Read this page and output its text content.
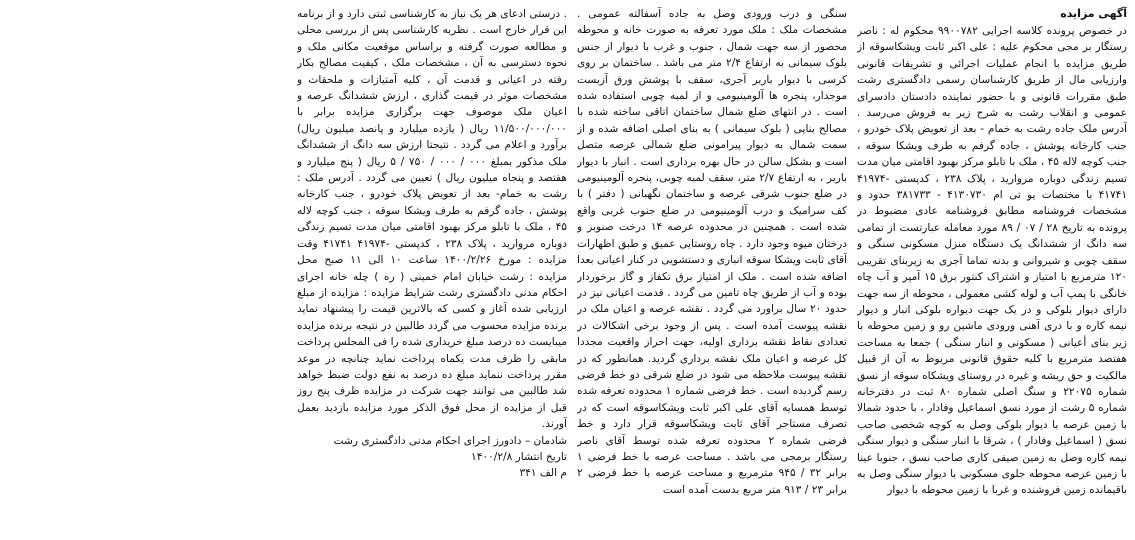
آگهی مزایده

در خصوص پرونده کلاسه اجرایی ۹۹۰۰۷۸۲ محکوم له : ناصر رستگار بر مجی محکوم علیه : علی اکبر ثابت ویشکاسوقه از طریق مزایده با انجام عملیات اجرائی و تشریفات قانونی وارزیابی مال از طریق کارشناسان رسمی دادگستری رشت طبق مقررات قانونی و با حضور نماینده دادستان دادسرای عمومی و انقلاب رشت به شرح زیر به فروش می‌رسد . آدرس ملک جاده رشت به خمام - بعد از تعویض پلاک خودرو ، جنب کارخانه پوشش ، جاده گرفم به طرف ویشکا سوقه ، جنب کوچه لاله ۴۵ ، ملک با تابلو مرکز بهبود اقامتی میان مدت تسیم زندگی دوباره مروارید ، پلاک ۲۳۸ ، کدپستی -۴۱۹۷۴ ۴۱۷۴۱ با مختصات یو تی ام ۴۱۳۰۷۳۰ - ۳۸۱۷۳۳ حدود و مشخصات فروشنامه مطابق فروشنامه عادی مضبوط در پرونده به تاریخ ۲۸ / ۰۷ / ۸۹ مورد معامله عبارتست از تمامی سه دانگ از ششدانگ یک دستگاه منزل مسکونی سنگی و سقف چوبی و شیروانی و بدنه تماما آجری به زیربنای تقریبی ۱۲۰ مترمربع با امتیاز و اشتراک کنتور برق ۱۵ آمپر و آب چاه خانگی با پمپ آب و لوله کشی معمولی ، محوطه از سه جهت دارای دیوار بلوکی و در یک جهت دیواره بلوکی انبار و دیوار نیمه کاره و با دری آهنی ورودی ماشین رو و زمین محوطه با زیر بنای أعیانی ( مسکونی و انبار سنگی ) جمعا به مساحت هفتصد مترمربع با کلیه حقوق قانونی مربوط به آن از قبیل مالکیت و حق ریشه و غیره در روستای ویشکاه سوقه از نسق شماره ۲۲۰۷۵ و سنگ اصلی شماره ۸۰ ثبت در دفترخانه شماره ۵ رشت از مورد نسق اسماعیل وفادار ، با حدود شمالا با زمین عرصه با دیوار بلوکی وصل به کوچه شخصی صاحب نسق ( اسماعیل وفادار ) ، شرقا با انبار سنگی و دیوار سنگی نیمه کاره وصل به زمین صیفی کاری صاحب نسق ، جنوبا عینا با زمین عرصه محوطه جلوی مسکونی با دیوار سنگی وصل به باقیمانده زمین فروشنده و غربا با زمین محوطه با دیوار

سنگی و درب ورودی وصل به جاده آسفالته عمومی . مشخصات ملک : ملک مورد تعرفه به صورت خانه و محوطه محصور از سه جهت شمال ، جنوب و غرب با دیوار از جنس بلوک سیمانی به ارتفاع ۲/۴ متر می باشد . ساختمان بر روی کرسی با دیوار باربر آجری، سقف با پوشش ورق آزبست موجدار، پنجره ها آلومینیومی و از لمبه چوبی استفاده شده است . در انتهای ضلع شمال ساختمان اتاقی ساخته شده با مصالح بنایی ( بلوک سیمانی ) به بنای اصلی اضافه شده و از سمت شمال به دیوار پیرامونی ضلع شمالی عرصه متصل است و بشکل سالن در حال بهره برداری است . انبار با دیوار باربر ، به ارتفاع ۲/۷ متر، سقف لمبه چوبی، پنجره آلومینیومی در ضلع جنوب شرقی عرصه و ساختمان نگهبانی ( دفتر ) با کف سرامیک و درب آلومینیومی در ضلع جنوب غربی واقع شده است . همچنین در محدوده عرصه ۱۴ درخت صنوبر و درختان میوه وجود دارد . چاه روستایی عمیق و طبق اظهارات آقای ثابت ویشکا سوقه انباری و دستشویی در کنار اعیانی بعدا اضافه شده است . ملک از امتیاز برق تکفاز و گاز برخوردار بوده و آب از طریق چاه تامین می گردد . قدمت اعیانی نیز در حدود ۲۰ سال براورد می گردد . نقشه عرصه و اعیان ملک در نقشه پیوست آمده است . پس از وجود برخی اشکالات در تعدادی نقاط نقشه برداری اولیه، جهت احراز واقعیت مجددا کل عرصه و اعیان ملک نقشه برداری گردید. همانطور که در نقشه پیوست ملاحظه می شود در ضلع شرقی دو خط فرضی رسم گردیده است . خط فرضی شماره ۱ محدوده تعرفه شده توسط همسایه آقای علی اکبر ثابت ویشکاسوقه است که در تصرف مستاجر آقای ثابت ویشکاسوقه قرار دارد و خط فرضی شماره ۲ محدوده تعرفه شده توسط آقای ناصر رستگار برمجی می باشد . مساحت عرصه با خط فرضی ۱ برابر ۳۲ / ۹۴۵ مترمربع و مساحت عرصه با خط فرضی ۲ برابر ۲۳ / ۹۱۳ متر مربع بدست آمده است

. درستی ادعای هر یک نیاز به کارشناسی ثبتی دارد و از برنامه این قرار خارج است . نظریه کارشناسی پس از بررسی محلی و مطالعه صورت گرفته و براساس موقعیت مکانی ملک و نحوه دسترسی به آن ، مشخصات ملک ، کیفیت مصالح بکار رفته در اعیانی و قدمت آن ، کلیه آمتیازات و ملحقات و مشخصات موثر در قیمت گذاری ، ارزش ششدانگ عرصه و اعیان ملک موصوف جهت برگزاری مزایده برابر با ۱۱/۵۰۰/۰۰۰/۰۰۰ ریال ( یازده میلیارد و پانصد میلیون ریال) برآورد و اعلام می گردد . نتیجتا ارزش سه دانگ از ششدانگ ملک مذکور بمبلغ ۰۰۰ / ۰۰۰ / ۷۵۰ / ۵ ریال ( پنج میلیارد و هفتصد و پنجاه میلیون ریال ) تعیین می گردد . آدرس ملک : رشت به خمام- بعد از تعویض پلاک خودرو ، جنب کارخانه پوشش ، جاده گرفم به طرف ویشکا سوقه ، جنب کوچه لاله ۴۵ ، ملک با تابلو مرکز بهبود اقامتی میان مدت تسیم زندگی دوباره مروارید ، پلاک ۲۳۸ ، کدپستی -۴۱۹۷۴ ۴۱۷۴۱ وقت مزایده : مورخ ۱۴۰۰/۲/۲۶ ساعت ۱۰ الی ۱۱ صبح محل مزایده : رشت خیابان امام خمینی ( ره ) چله خانه اجرای احکام مدنی دادگستری رشت شرایط مزایده : مزایده از مبلغ ارزیابی شده آغاز و کسی که بالاترین قیمت را پیشنهاد نماید برنده مزایده محسوب می گردد طالبین در نتیجه برنده مزایده میبایست ده درصد مبلغ خریداری شده را فی المجلس پرداخت مابقی را ظرف مدت یکماه پرداخت نماید چنانچه در موعد مقرر پرداخت ننماید مبلغ ده درصد به نفع دولت ضبط خواهد شد طالبین می توانند جهت شرکت در مزایده ظرف پنج روز قبل از مزایده از محل فوق الذکر مورد مزایده بازدید بعمل آورند.

شادمان – دادورز اجرای احکام مدنی دادگستری رشت

تاریخ انتشار ۱۴۰۰/۲/۸

م الف ۳۴۱
